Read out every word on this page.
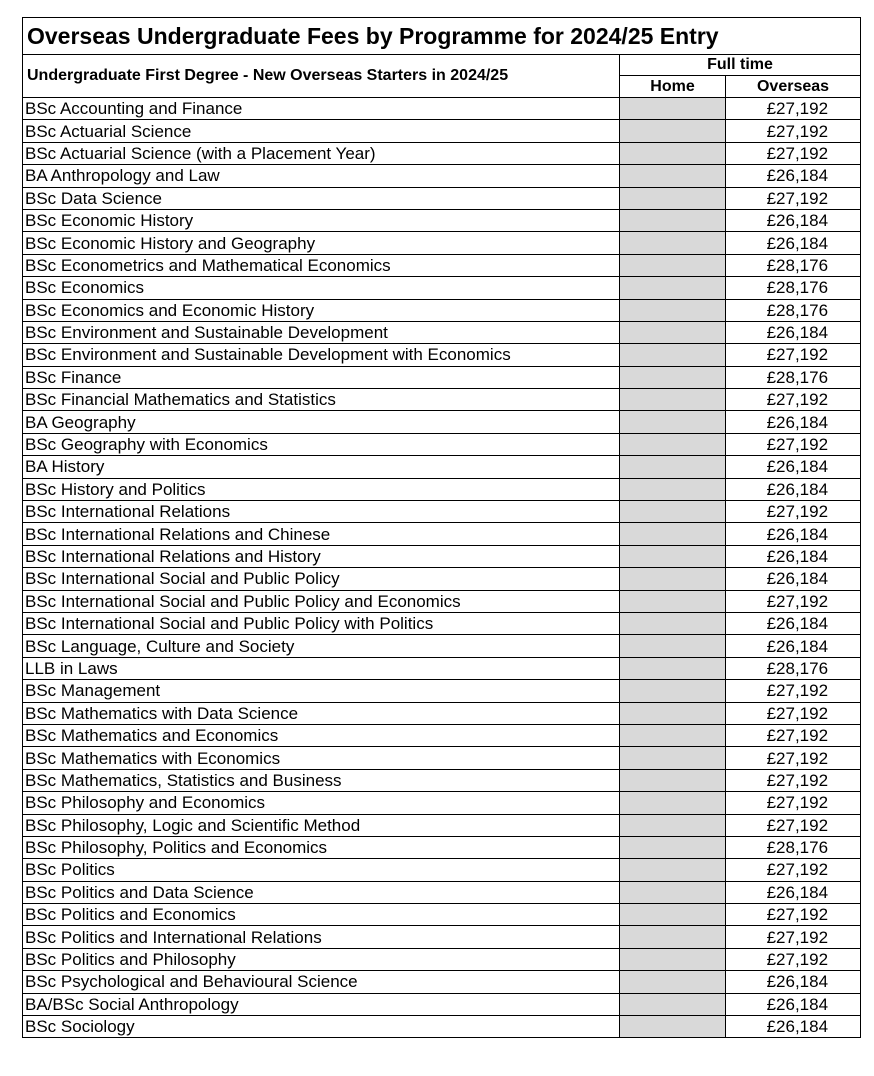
Overseas Undergraduate Fees by Programme for 2024/25 Entry		
Undergraduate First Degree - New Overseas Starters in 2024/25	Full time	
	Home	Overseas
BSc Accounting and Finance		£27,192
BSc Actuarial Science		£27,192
BSc Actuarial Science (with a Placement Year)		£27,192
BA Anthropology and Law		£26,184
BSc Data Science		£27,192
BSc Economic History		£26,184
BSc Economic History and Geography		£26,184
BSc Econometrics and Mathematical Economics		£28,176
BSc Economics		£28,176
BSc Economics and Economic History		£28,176
BSc Environment and Sustainable Development		£26,184
BSc Environment and Sustainable Development with Economics		£27,192
BSc Finance		£28,176
BSc Financial Mathematics and Statistics		£27,192
BA Geography		£26,184
BSc Geography with Economics		£27,192
BA History		£26,184
BSc History and Politics		£26,184
BSc International Relations		£27,192
BSc International Relations and Chinese		£26,184
BSc International Relations and History		£26,184
BSc International Social and Public Policy		£26,184
BSc International Social and Public Policy and Economics		£27,192
BSc International Social and Public Policy with Politics		£26,184
BSc Language, Culture and Society		£26,184
LLB in Laws		£28,176
BSc Management		£27,192
BSc Mathematics with Data Science		£27,192
BSc Mathematics and Economics		£27,192
BSc Mathematics with Economics		£27,192
BSc Mathematics, Statistics and Business		£27,192
BSc Philosophy and Economics		£27,192
BSc Philosophy, Logic and Scientific Method		£27,192
BSc Philosophy, Politics and Economics		£28,176
BSc Politics		£27,192
BSc Politics and Data Science		£26,184
BSc Politics and Economics		£27,192
BSc Politics and International Relations		£27,192
BSc Politics and Philosophy		£27,192
BSc Psychological and Behavioural Science		£26,184
BA/BSc Social Anthropology		£26,184
BSc Sociology		£26,184
